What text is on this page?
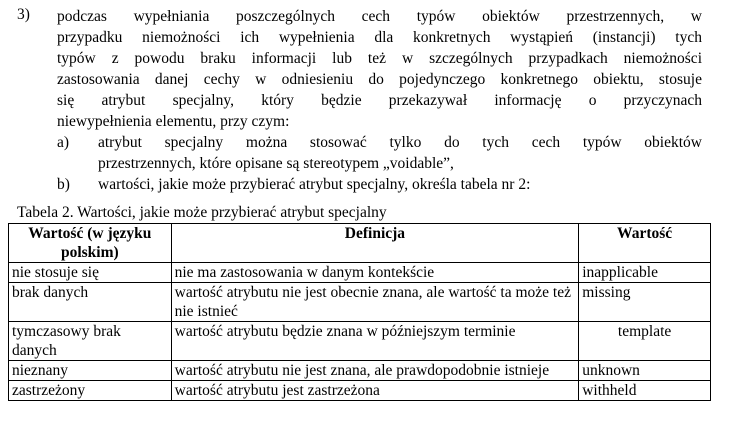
3) podczas wypełniania poszczególnych cech typów obiektów przestrzennych, w
przypadku niemożności ich wypełnienia dla konkretnych wystąpień (instancji) tych
typów z powodu braku informacji lub też w szczególnych przypadkach niemożności
zastosowania danej cechy w odniesieniu do pojedynczego konkretnego obiektu, stosuje
się atrybut specjalny, który będzie przekazywał informację o przyczynach
niewypełnienia elementu, przy czym:
a) atrybut specjalny można stosować tylko do tych cech typów obiektów
przestrzennych, które opisane są stereotypem „voidable”,
b) wartości, jakie może przybierać atrybut specjalny, określa tabela nr 2:
Tabela 2. Wartości, jakie może przybierać atrybut specjalny
Wartość (w języku polskim)	Definicja	Wartość
nie stosuje się	nie ma zastosowania w danym kontekście	inapplicable
brak danych	wartość atrybutu nie jest obecnie znana, ale wartość ta może też nie istnieć	missing
tymczasowy brak danych	wartość atrybutu będzie znana w późniejszym terminie	template
nieznany	wartość atrybutu nie jest znana, ale prawdopodobnie istnieje	unknown
zastrzeżony	wartość atrybutu jest zastrzeżona	withheld
